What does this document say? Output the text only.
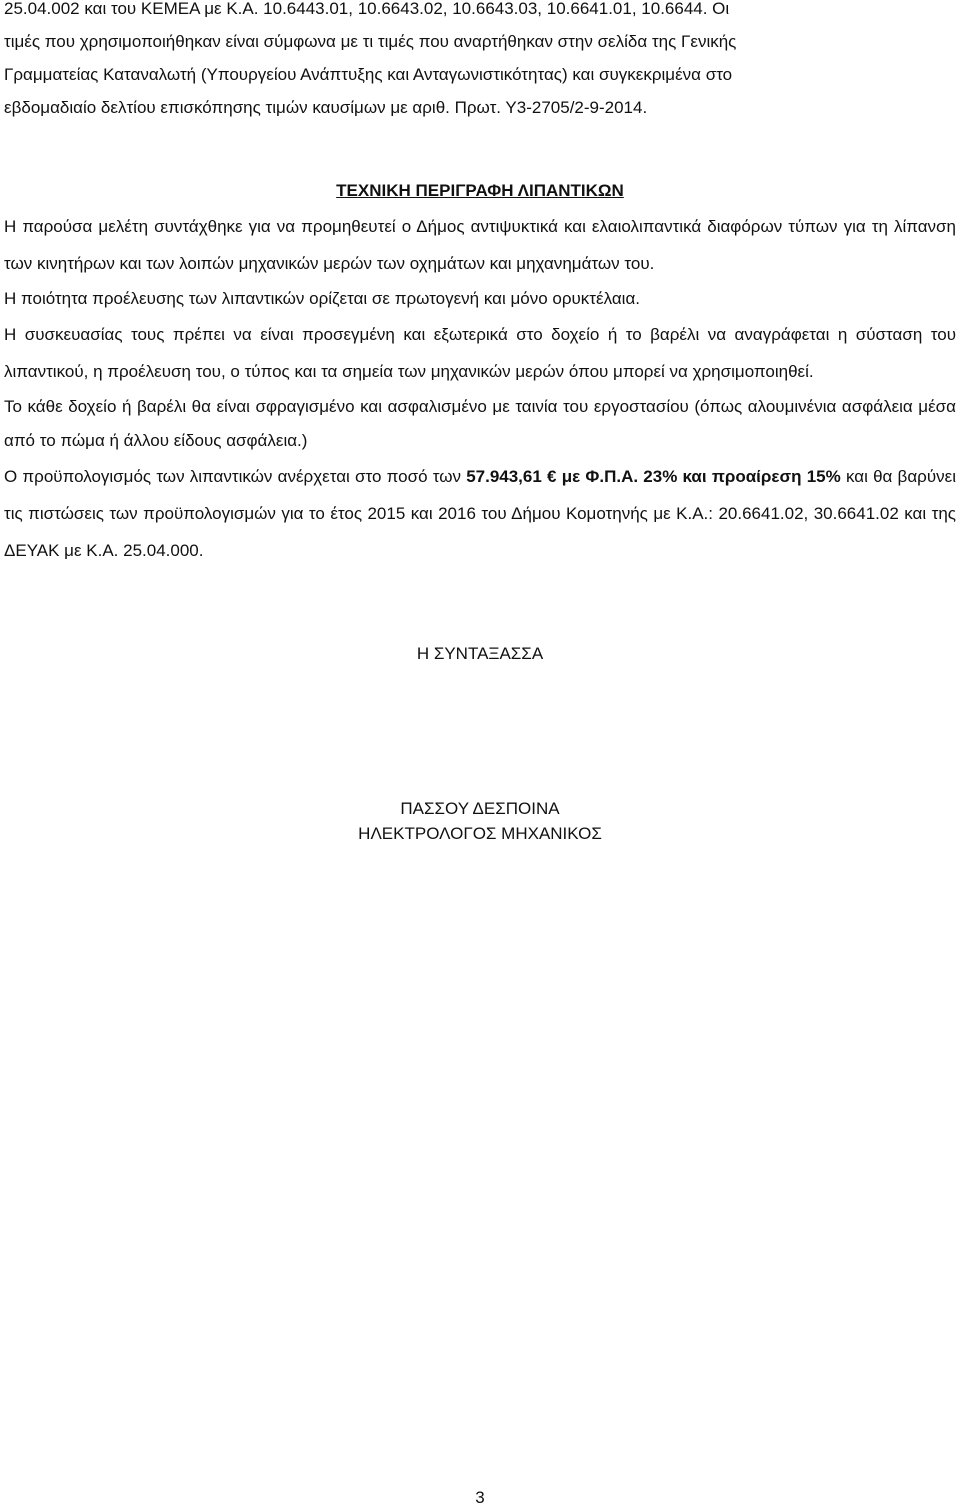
25.04.002 και του ΚΕΜΕΑ με Κ.Α. 10.6443.01, 10.6643.02, 10.6643.03, 10.6641.01, 10.6644. Οι
τιμές που χρησιμοποιήθηκαν είναι σύμφωνα με τι τιμές που αναρτήθηκαν στην σελίδα της Γενικής
Γραμματείας Καταναλωτή (Υπουργείου Ανάπτυξης και Ανταγωνιστικότητας) και συγκεκριμένα στο
εβδομαδιαίο δελτίου επισκόπησης τιμών καυσίμων με αριθ. Πρωτ. Υ3-2705/2-9-2014.
ΤΕΧΝΙΚΗ ΠΕΡΙΓΡΑΦΗ ΛΙΠΑΝΤΙΚΩΝ
Η παρούσα μελέτη συντάχθηκε για να προμηθευτεί ο Δήμος αντιψυκτικά και ελαιολιπαντικά διαφόρων τύπων για τη λίπανση των κινητήρων και των λοιπών μηχανικών μερών των οχημάτων και μηχανημάτων του.
Η ποιότητα προέλευσης των λιπαντικών ορίζεται σε πρωτογενή και μόνο ορυκτέλαια.
Η συσκευασίας τους πρέπει να είναι προσεγμένη και εξωτερικά στο δοχείο ή το βαρέλι να αναγράφεται η σύσταση του λιπαντικού, η προέλευση του, ο τύπος και τα σημεία των μηχανικών μερών όπου μπορεί να χρησιμοποιηθεί.
Το κάθε δοχείο ή βαρέλι θα είναι σφραγισμένο και ασφαλισμένο με ταινία του εργοστασίου (όπως αλουμινένια ασφάλεια μέσα από το πώμα ή άλλου είδους ασφάλεια.)
Ο προϋπολογισμός των λιπαντικών ανέρχεται στο ποσό των 57.943,61 € με Φ.Π.Α. 23% και προαίρεση 15% και θα βαρύνει τις πιστώσεις των προϋπολογισμών για το έτος 2015 και 2016 του Δήμου Κομοτηνής με Κ.Α.: 20.6641.02, 30.6641.02 και της ΔΕΥΑΚ με Κ.Α. 25.04.000.
Η ΣΥΝΤΑΞΑΣΣΑ
ΠΑΣΣΟΥ ΔΕΣΠΟΙΝΑ
ΗΛΕΚΤΡΟΛΟΓΟΣ ΜΗΧΑΝΙΚΟΣ
3
